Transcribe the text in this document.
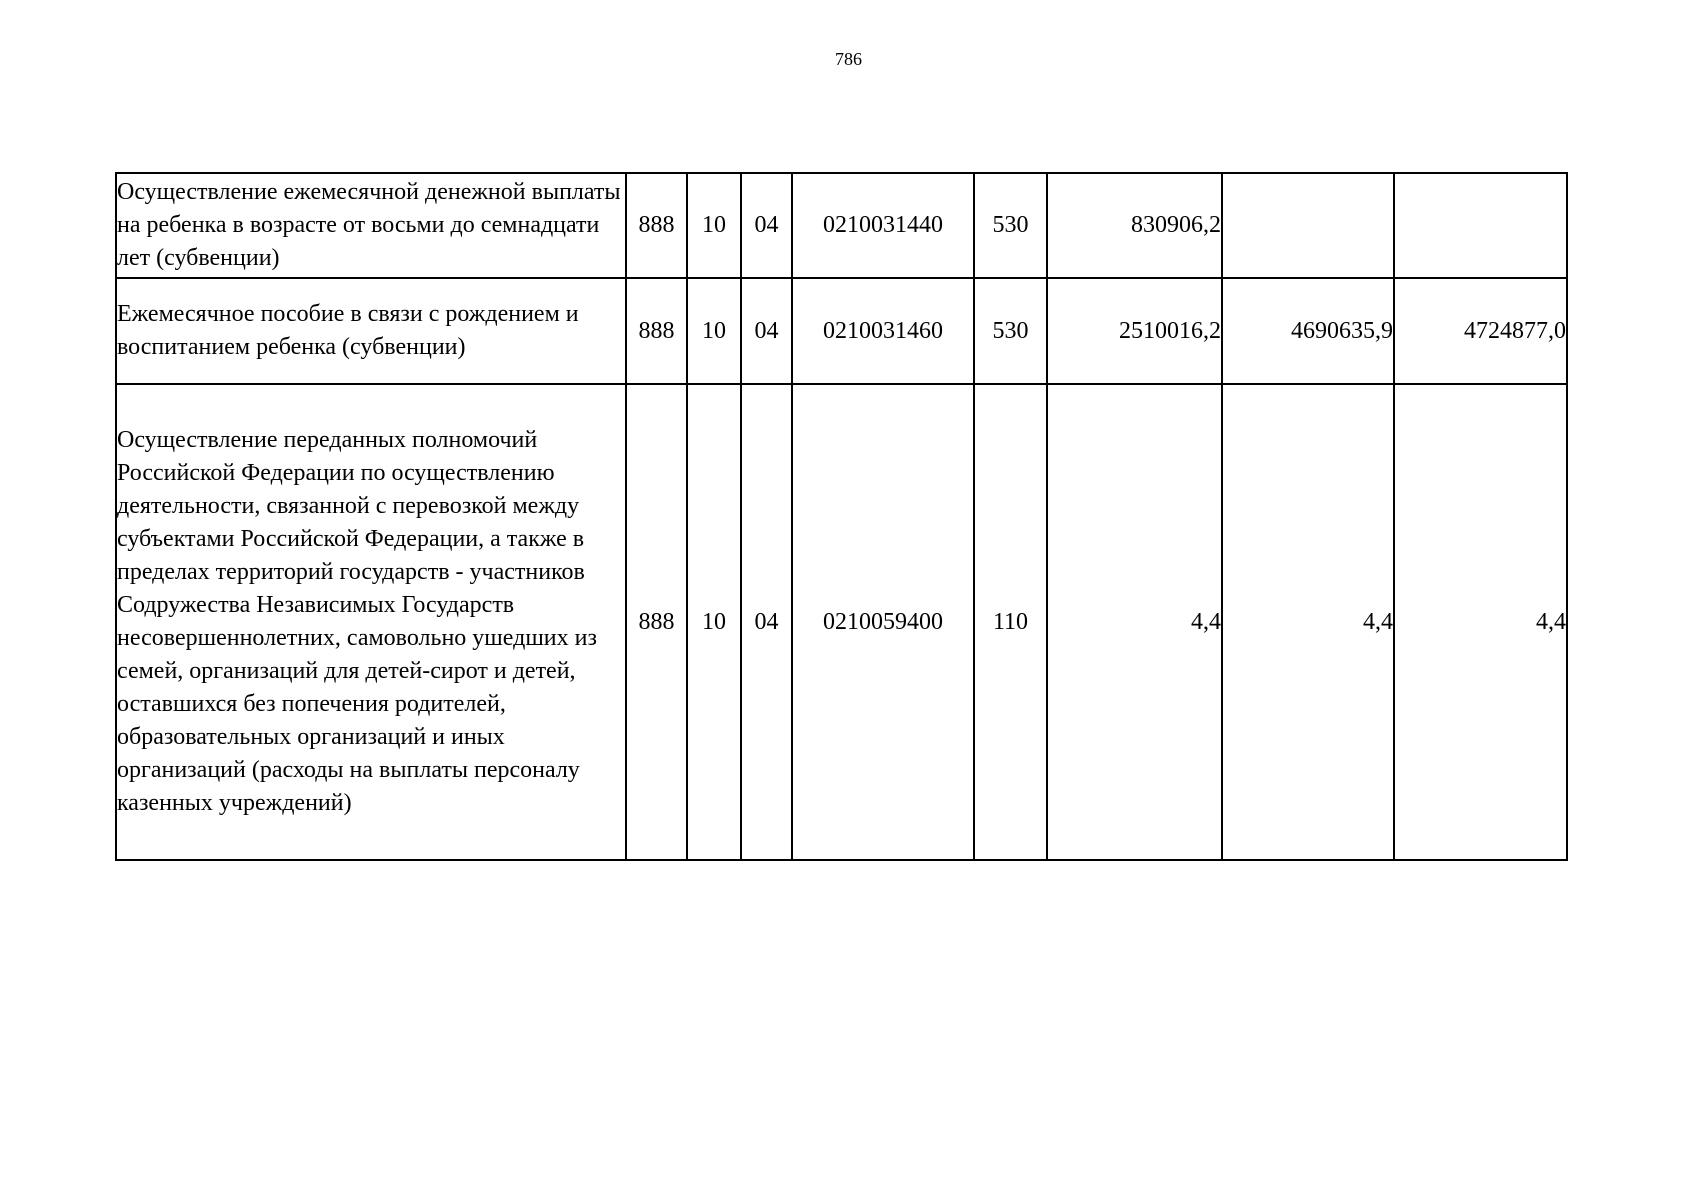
786
Осуществление ежемесячной денежной выплаты на ребенка в возрасте от восьми до семнадцати лет (субвенции)	888	10	04	0210031440	530	830906,2		
Ежемесячное пособие в связи с рождением и воспитанием ребенка (субвенции)	888	10	04	0210031460	530	2510016,2	4690635,9	4724877,0
Осуществление переданных полномочий Российской Федерации по осуществлению деятельности, связанной с перевозкой между субъектами Российской Федерации, а также в пределах территорий государств - участников Содружества Независимых Государств несовершеннолетних, самовольно ушедших из семей, организаций для детей-сирот и детей, оставшихся без попечения родителей, образовательных организаций и иных организаций (расходы на выплаты персоналу казенных учреждений)	888	10	04	0210059400	110	4,4	4,4	4,4
